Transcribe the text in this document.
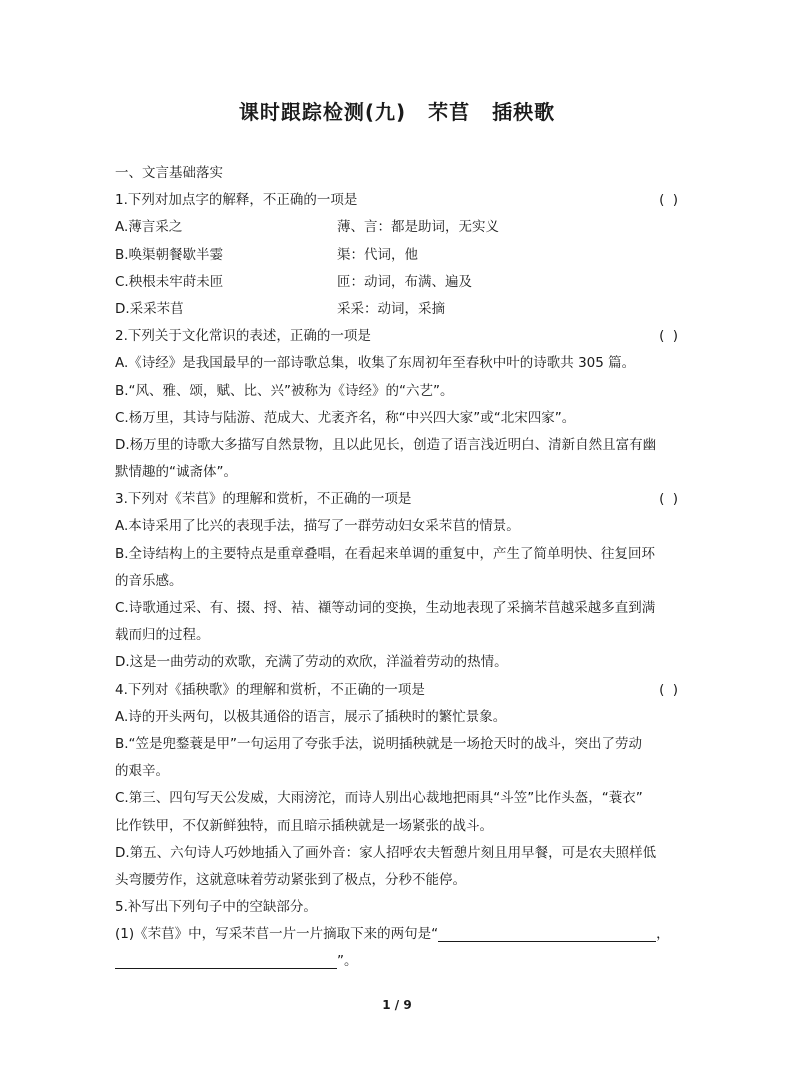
课时跟踪检测(九) 芣苢 插秧歌
一、文言基础落实
1.下列对加点字的解释，不正确的一项是	( )
A.薄言采之	薄、言：都是助词，无实义
B.唤渠朝餐歇半霎	渠：代词，他
C.秧根未牢莳未匝	匝：动词，布满、遍及
D.采采芣苢	采采：动词，采摘
2.下列关于文化常识的表述，正确的一项是	( )
A.《诗经》是我国最早的一部诗歌总集，收集了东周初年至春秋中叶的诗歌共 305 篇。
B.“风、雅、颂，赋、比、兴”被称为《诗经》的“六艺”。
C.杨万里，其诗与陆游、范成大、尤袤齐名，称“中兴四大家”或“北宋四家”。
D.杨万里的诗歌大多描写自然景物，且以此见长，创造了语言浅近明白、清新自然且富有幽
默情趣的“诚斋体”。
3.下列对《芣苢》的理解和赏析，不正确的一项是	( )
A.本诗采用了比兴的表现手法，描写了一群劳动妇女采芣苢的情景。
B.全诗结构上的主要特点是重章叠唱，在看起来单调的重复中，产生了简单明快、往复回环
的音乐感。
C.诗歌通过采、有、掇、捋、袺、襭等动词的变换，生动地表现了采摘芣苢越采越多直到满
载而归的过程。
D.这是一曲劳动的欢歌，充满了劳动的欢欣，洋溢着劳动的热情。
4.下列对《插秧歌》的理解和赏析，不正确的一项是	( )
A.诗的开头两句，以极其通俗的语言，展示了插秧时的繁忙景象。
B.“笠是兜鍪蓑是甲”一句运用了夸张手法，说明插秧就是一场抢天时的战斗，突出了劳动
的艰辛。
C.第三、四句写天公发威，大雨滂沱，而诗人别出心裁地把雨具“斗笠”比作头盔，“蓑衣”
比作铁甲，不仅新鲜独特，而且暗示插秧就是一场紧张的战斗。
D.第五、六句诗人巧妙地插入了画外音：家人招呼农夫暂憩片刻且用早餐，可是农夫照样低
头弯腰劳作，这就意味着劳动紧张到了极点，分秒不能停。
5.补写出下列句子中的空缺部分。
(1)《芣苢》中，写采芣苢一片一片摘取下来的两句是“	，
”。
1 / 9
